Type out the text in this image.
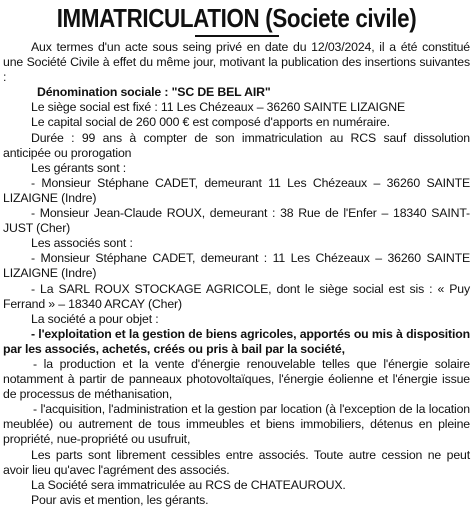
IMMATRICULATION (Societe civile)

Aux termes d'un acte sous seing privé en date du 12/03/2024, il a été constitué une Société Civile à effet du même jour, motivant la publication des insertions suivantes :

Dénomination sociale : "SC DE BEL AIR"

Le siège social est fixé : 11 Les Chézeaux – 36260 SAINTE LIZAIGNE

Le capital social de 260 000 € est composé d'apports en numéraire.

Durée : 99 ans à compter de son immatriculation au RCS sauf dissolution anticipée ou prorogation

Les gérants sont :

- Monsieur Stéphane CADET, demeurant 11 Les Chézeaux – 36260 SAINTE LIZAIGNE (Indre)

- Monsieur Jean-Claude ROUX, demeurant : 38 Rue de l'Enfer – 18340 SAINT-JUST (Cher)

Les associés sont :

- Monsieur Stéphane CADET, demeurant : 11 Les Chézeaux – 36260 SAINTE LIZAIGNE (Indre)

- La SARL ROUX STOCKAGE AGRICOLE, dont le siège social est sis : « Puy Ferrand » – 18340 ARCAY (Cher)

La société a pour objet :

- l'exploitation et la gestion de biens agricoles, apportés ou mis à disposition par les associés, achetés, créés ou pris à bail par la société,

- la production et la vente d'énergie renouvelable telles que l'énergie solaire notamment à partir de panneaux photovoltaïques, l'énergie éolienne et l'énergie issue de processus de méthanisation,

- l'acquisition, l'administration et la gestion par location (à l'exception de la location meublée) ou autrement de tous immeubles et biens immobiliers, détenus en pleine propriété, nue-propriété ou usufruit,

Les parts sont librement cessibles entre associés. Toute autre cession ne peut avoir lieu qu'avec l'agrément des associés.

La Société sera immatriculée au RCS de CHATEAUROUX.

Pour avis et mention, les gérants.
